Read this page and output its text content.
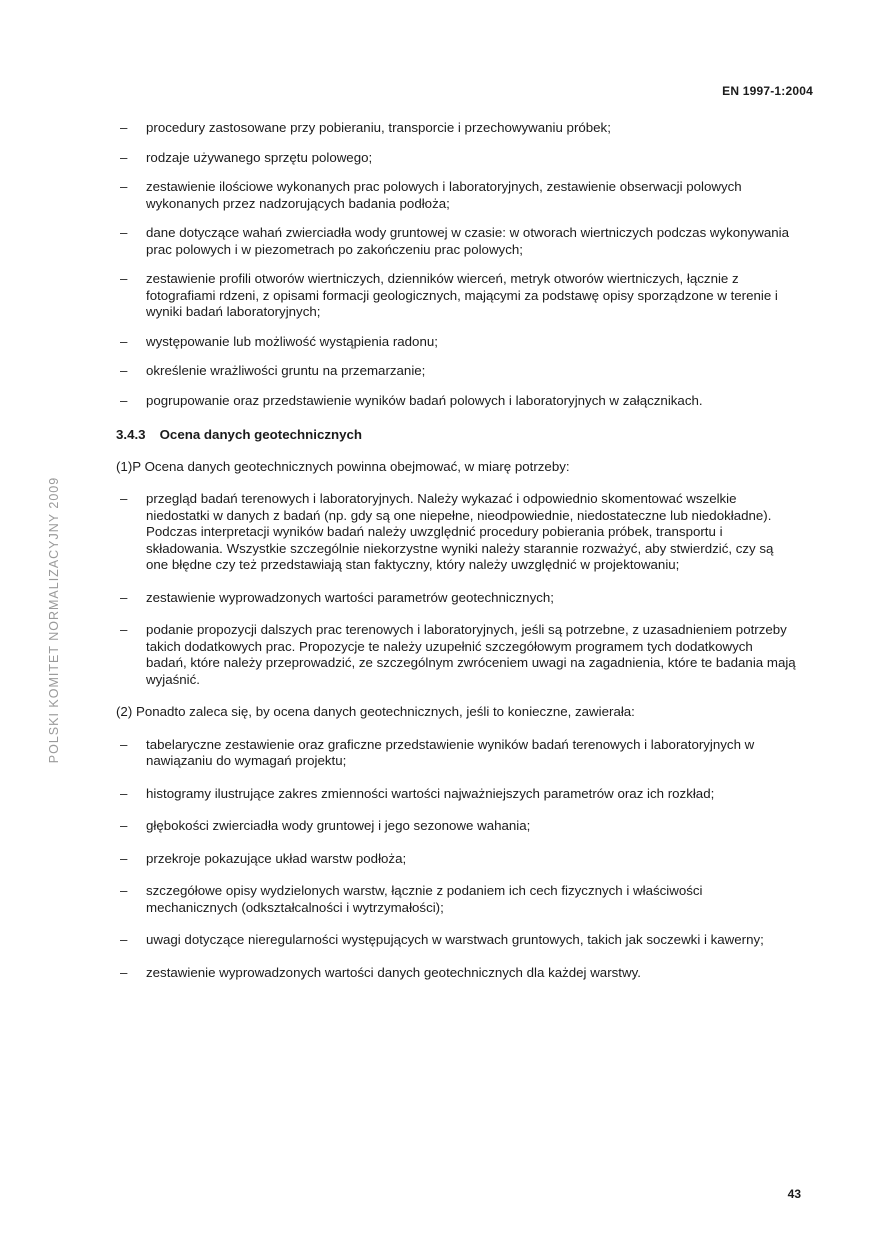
EN 1997-1:2004
POLSKI KOMITET NORMALIZACYJNY 2009
– procedury zastosowane przy pobieraniu, transporcie i przechowywaniu próbek;
– rodzaje używanego sprzętu polowego;
– zestawienie ilościowe wykonanych prac polowych i laboratoryjnych, zestawienie obserwacji polowych wykonanych przez nadzorujących badania podłoża;
– dane dotyczące wahań zwierciadła wody gruntowej w czasie: w otworach wiertniczych podczas wykonywania prac polowych i w piezometrach po zakończeniu prac polowych;
– zestawienie profili otworów wiertniczych, dzienników wierceń, metryk otworów wiertniczych, łącznie z fotografiami rdzeni, z opisami formacji geologicznych, mającymi za podstawę opisy sporządzone w terenie i wyniki badań laboratoryjnych;
– występowanie lub możliwość wystąpienia radonu;
– określenie wrażliwości gruntu na przemarzanie;
– pogrupowanie oraz przedstawienie wyników badań polowych i laboratoryjnych w załącznikach.
3.4.3 Ocena danych geotechnicznych
(1)P Ocena danych geotechnicznych powinna obejmować, w miarę potrzeby:
– przegląd badań terenowych i laboratoryjnych. Należy wykazać i odpowiednio skomentować wszelkie niedostatki w danych z badań (np. gdy są one niepełne, nieodpowiednie, niedostateczne lub niedokładne). Podczas interpretacji wyników badań należy uwzględnić procedury pobierania próbek, transportu i składowania. Wszystkie szczególnie niekorzystne wyniki należy starannie rozważyć, aby stwierdzić, czy są one błędne czy też przedstawiają stan faktyczny, który należy uwzględnić w projektowaniu;
– zestawienie wyprowadzonych wartości parametrów geotechnicznych;
– podanie propozycji dalszych prac terenowych i laboratoryjnych, jeśli są potrzebne, z uzasadnieniem potrzeby takich dodatkowych prac. Propozycje te należy uzupełnić szczegółowym programem tych dodatkowych badań, które należy przeprowadzić, ze szczególnym zwróceniem uwagi na zagadnienia, które te badania mają wyjaśnić.
(2) Ponadto zaleca się, by ocena danych geotechnicznych, jeśli to konieczne, zawierała:
– tabelaryczne zestawienie oraz graficzne przedstawienie wyników badań terenowych i laboratoryjnych w nawiązaniu do wymagań projektu;
– histogramy ilustrujące zakres zmienności wartości najważniejszych parametrów oraz ich rozkład;
– głębokości zwierciadła wody gruntowej i jego sezonowe wahania;
– przekroje pokazujące układ warstw podłoża;
– szczegółowe opisy wydzielonych warstw, łącznie z podaniem ich cech fizycznych i właściwości mechanicznych (odkształcalności i wytrzymałości);
– uwagi dotyczące nieregularności występujących w warstwach gruntowych, takich jak soczewki i kawerny;
– zestawienie wyprowadzonych wartości danych geotechnicznych dla każdej warstwy.
43
